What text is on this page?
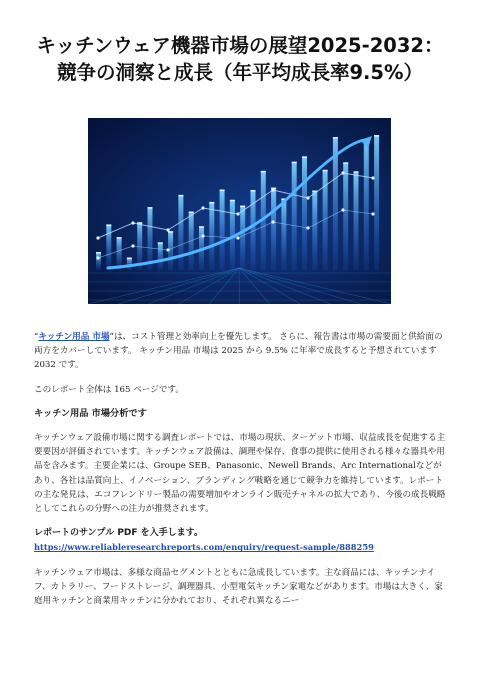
キッチンウェア機器市場の展望2025-2032：競争の洞察と成長（年平均成長率9.5%）

“キッチン用品 市場”は、コスト管理と効率向上を優先します。 さらに、報告書は市場の需要面と供給面の両方をカバーしています。 キッチン用品 市場は 2025 から 9.5% に年率で成長すると予想されています2032 です。

このレポート全体は 165 ページです。

キッチン用品 市場分析です

キッチンウェア設備市場に関する調査レポートでは、市場の現状、ターゲット市場、収益成長を促進する主要要因が評価されています。キッチンウェア設備は、調理や保存、食事の提供に使用される様々な器具や用品を含みます。主要企業には、Groupe SEB、Panasonic、Newell Brands、Arc Internationalなどがあり、各社は品質向上、イノベーション、ブランディング戦略を通じて競争力を維持しています。レポートの主な発見は、エコフレンドリー製品の需要増加やオンライン販売チャネルの拡大であり、今後の成長戦略としてこれらの分野への注力が推奨されます。

レポートのサンプル PDF を入手します。 https://www.reliableresearchreports.com/enquiry/request-sample/888259

キッチンウェア市場は、多様な商品セグメントとともに急成長しています。主な商品には、キッチンナイフ、カトラリー、フードストレージ、調理器具、小型電気キッチン家電などがあります。市場は大きく、家庭用キッチンと商業用キッチンに分かれており、それぞれ異なるニー
